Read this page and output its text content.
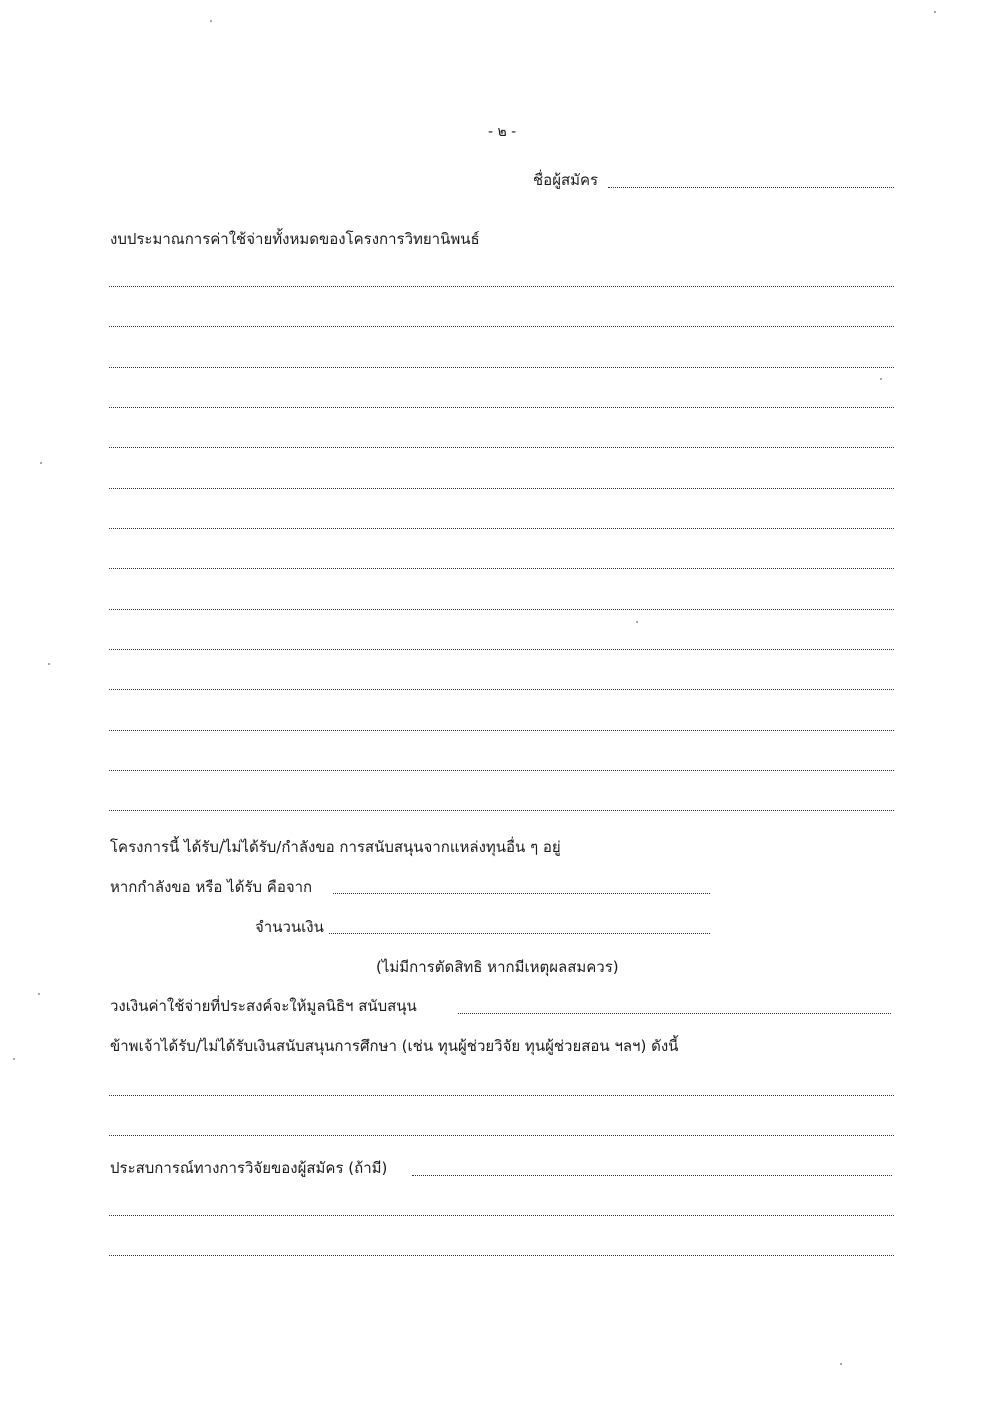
- ๒ -
ชื่อผู้สมัคร
งบประมาณการค่าใช้จ่ายทั้งหมดของโครงการวิทยานิพนธ์
โครงการนี้ ได้รับ/ไม่ได้รับ/กำลังขอ การสนับสนุนจากแหล่งทุนอื่น ๆ อยู่
หากกำลังขอ หรือ ได้รับ คือจาก
จำนวนเงิน
(ไม่มีการตัดสิทธิ หากมีเหตุผลสมควร)
วงเงินค่าใช้จ่ายที่ประสงค์จะให้มูลนิธิฯ สนับสนุน
ข้าพเจ้าได้รับ/ไม่ได้รับเงินสนับสนุนการศึกษา (เช่น ทุนผู้ช่วยวิจัย ทุนผู้ช่วยสอน ฯลฯ) ดังนี้
ประสบการณ์ทางการวิจัยของผู้สมัคร (ถ้ามี)
